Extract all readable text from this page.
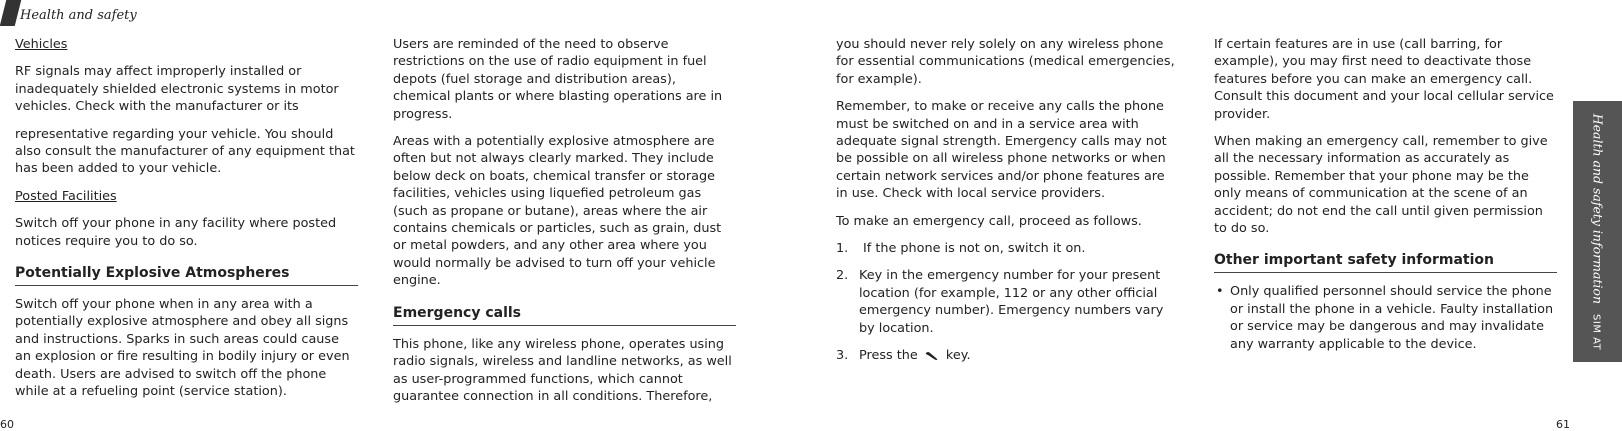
Health and safety

Vehicles

RF signals may affect improperly installed or inadequately shielded electronic systems in motor vehicles. Check with the manufacturer or its

representative regarding your vehicle. You should also consult the manufacturer of any equipment that has been added to your vehicle.

Posted Facilities

Switch off your phone in any facility where posted notices require you to do so.

Potentially Explosive Atmospheres

Switch off your phone when in any area with a potentially explosive atmosphere and obey all signs and instructions. Sparks in such areas could cause an explosion or fire resulting in bodily injury or even death. Users are advised to switch off the phone while at a refueling point (service station).

Users are reminded of the need to observe restrictions on the use of radio equipment in fuel depots (fuel storage and distribution areas), chemical plants or where blasting operations are in progress.

Areas with a potentially explosive atmosphere are often but not always clearly marked. They include below deck on boats, chemical transfer or storage facilities, vehicles using liquefied petroleum gas (such as propane or butane), areas where the air contains chemicals or particles, such as grain, dust or metal powders, and any other area where you would normally be advised to turn off your vehicle engine.

Emergency calls

This phone, like any wireless phone, operates using radio signals, wireless and landline networks, as well as user-programmed functions, which cannot guarantee connection in all conditions. Therefore,

you should never rely solely on any wireless phone for essential communications (medical emergencies, for example).

Remember, to make or receive any calls the phone must be switched on and in a service area with adequate signal strength. Emergency calls may not be possible on all wireless phone networks or when certain network services and/or phone features are in use. Check with local service providers.

To make an emergency call, proceed as follows.

1.	If the phone is not on, switch it on.
2. Key in the emergency number for your present location (for example, 112 or any other official emergency number). Emergency numbers vary by location.
3. Press the key.

If certain features are in use (call barring, for example), you may first need to deactivate those features before you can make an emergency call. Consult this document and your local cellular service provider.

When making an emergency call, remember to give all the necessary information as accurately as possible. Remember that your phone may be the only means of communication at the scene of an accident; do not end the call until given permission to do so.

Other important safety information
• Only qualified personnel should service the phone or install the phone in a vehicle. Faulty installation or service may be dangerous and may invalidate any warranty applicable to the device.
Health and safety informationSIM AT
60	61
